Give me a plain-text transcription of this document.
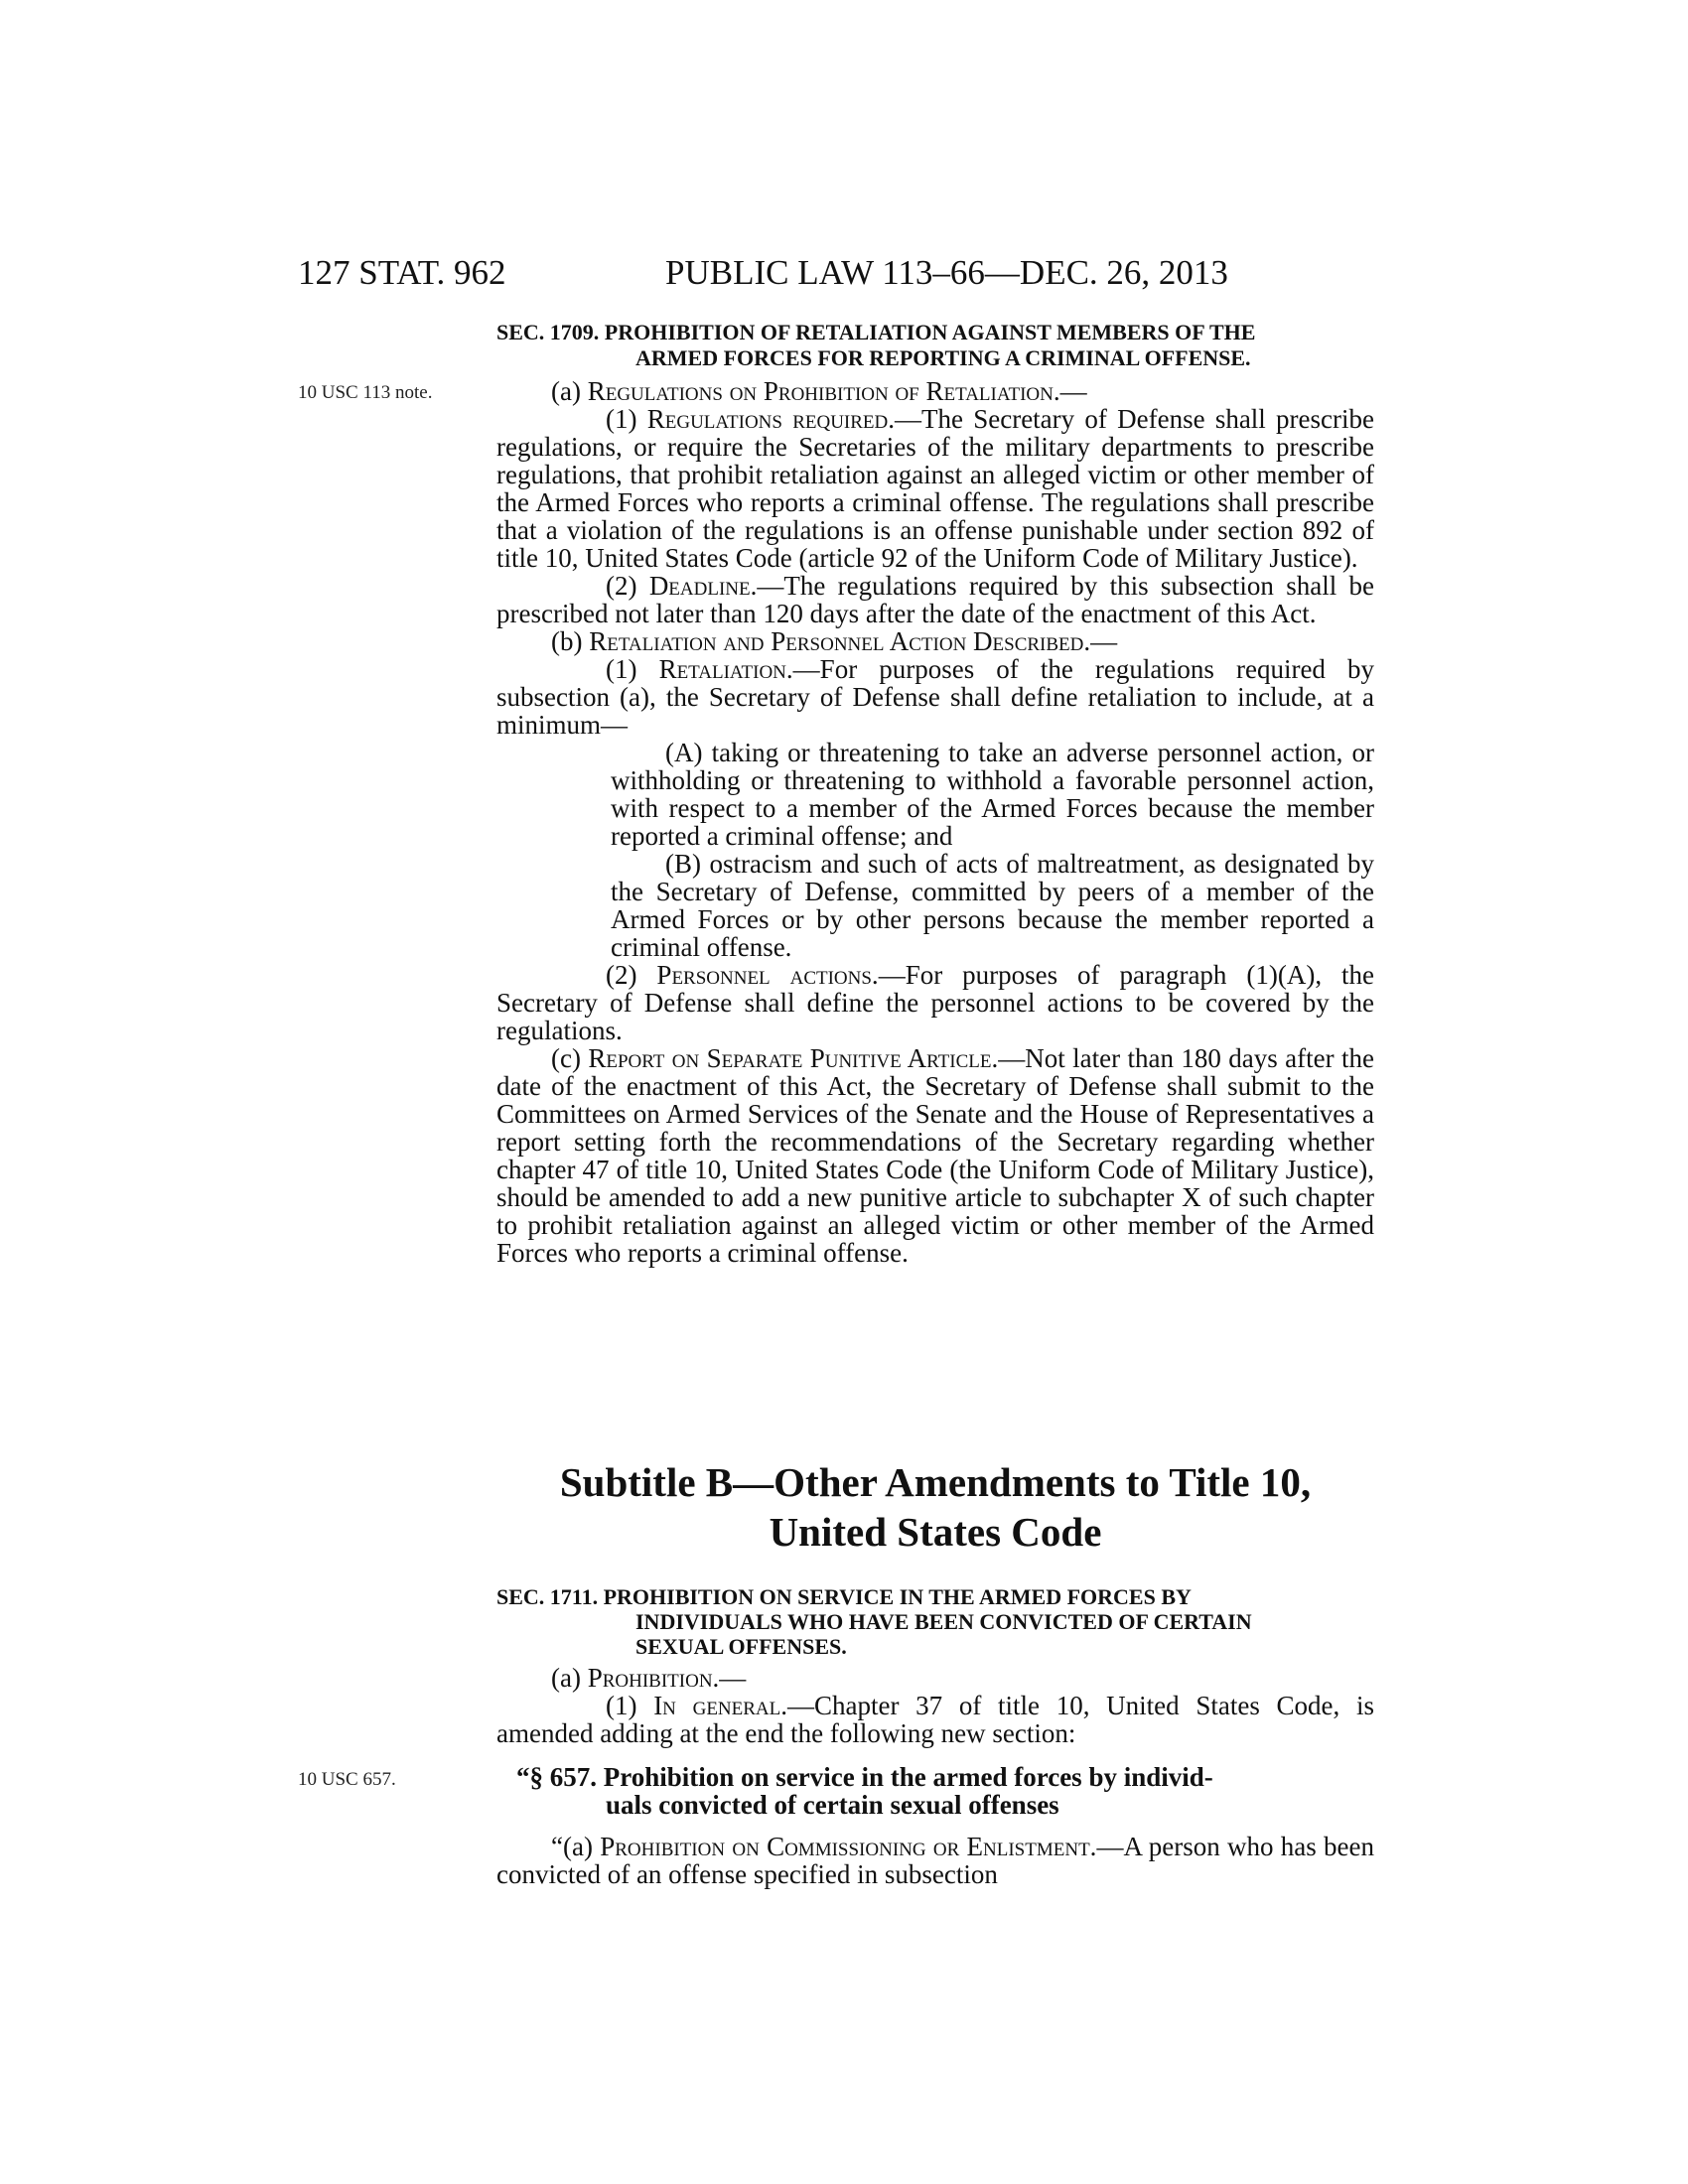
127 STAT. 962	PUBLIC LAW 113–66—DEC. 26, 2013
SEC. 1709. PROHIBITION OF RETALIATION AGAINST MEMBERS OF THE
ARMED FORCES FOR REPORTING A CRIMINAL OFFENSE.
10 USC 113 note.	(a) Regulations on Prohibition of Retaliation.—

(1) Regulations required.—The Secretary of Defense shall prescribe regulations, or require the Secretaries of the military departments to prescribe regulations, that prohibit retaliation against an alleged victim or other member of the Armed Forces who reports a criminal offense. The regulations shall prescribe that a violation of the regulations is an offense punishable under section 892 of title 10, United States Code (article 92 of the Uniform Code of Military Justice).

(2) Deadline.—The regulations required by this subsection shall be prescribed not later than 120 days after the date of the enactment of this Act.

(b) Retaliation and Personnel Action Described.—

(1) Retaliation.—For purposes of the regulations required by subsection (a), the Secretary of Defense shall define retaliation to include, at a minimum—

(A) taking or threatening to take an adverse personnel action, or withholding or threatening to withhold a favorable personnel action, with respect to a member of the Armed Forces because the member reported a criminal offense; and

(B) ostracism and such of acts of maltreatment, as designated by the Secretary of Defense, committed by peers of a member of the Armed Forces or by other persons because the member reported a criminal offense.

(2) Personnel actions.—For purposes of paragraph (1)(A), the Secretary of Defense shall define the personnel actions to be covered by the regulations.

(c) Report on Separate Punitive Article.—Not later than 180 days after the date of the enactment of this Act, the Secretary of Defense shall submit to the Committees on Armed Services of the Senate and the House of Representatives a report setting forth the recommendations of the Secretary regarding whether chapter 47 of title 10, United States Code (the Uniform Code of Military Justice), should be amended to add a new punitive article to subchapter X of such chapter to prohibit retaliation against an alleged victim or other member of the Armed Forces who reports a criminal offense.

Subtitle B—Other Amendments to Title 10,
United States Code
SEC. 1711. PROHIBITION ON SERVICE IN THE ARMED FORCES BY
INDIVIDUALS WHO HAVE BEEN CONVICTED OF CERTAIN
SEXUAL OFFENSES.

(a) Prohibition.—

(1) In general.—Chapter 37 of title 10, United States Code, is amended adding at the end the following new section:

10 USC 657.	“§ 657. Prohibition on service in the armed forces by individ-
uals convicted of certain sexual offenses

“(a) Prohibition on Commissioning or Enlistment.—A person who has been convicted of an offense specified in subsection
